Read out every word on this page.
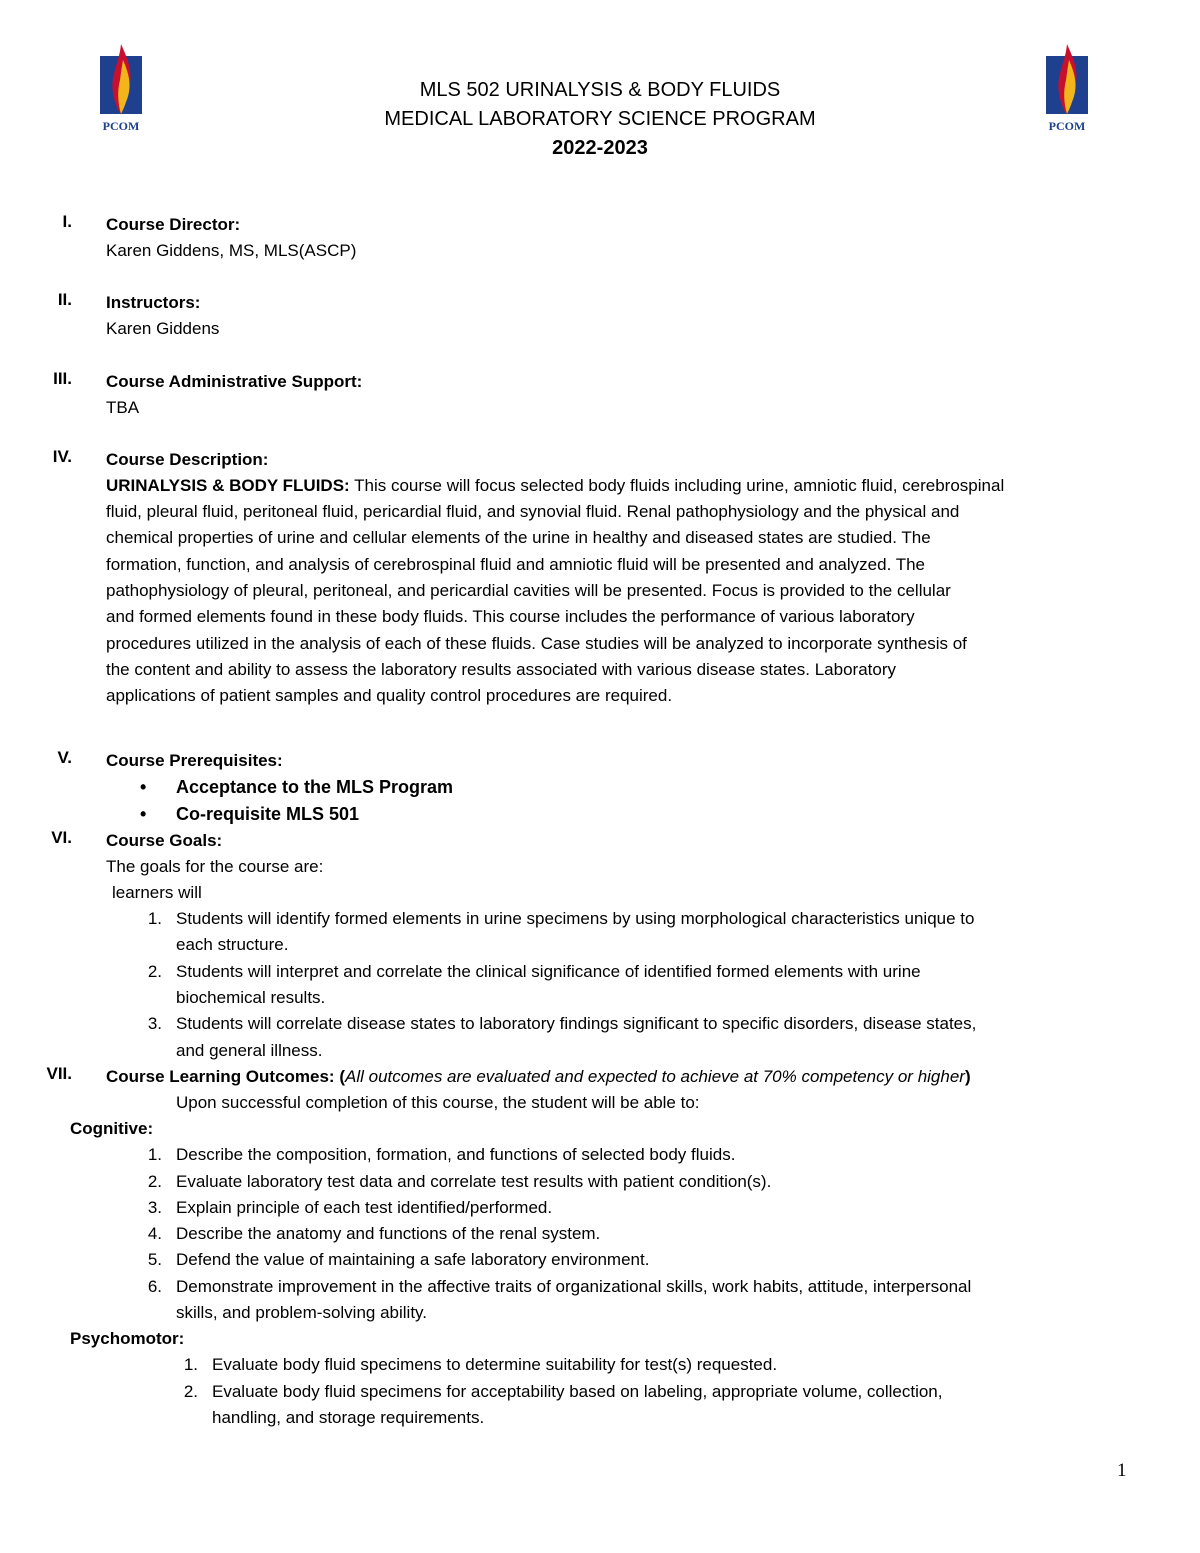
PCOM	PCOM
MLS 502 URINALYSIS & BODY FLUIDS
MEDICAL LABORATORY SCIENCE PROGRAM
2022-2023
I. Course Director:
Karen Giddens, MS, MLS(ASCP)
II. Instructors:
Karen Giddens
III. Course Administrative Support:
TBA
IV. Course Description:
URINALYSIS & BODY FLUIDS: This course will focus selected body fluids including urine, amniotic fluid, cerebrospinal
fluid, pleural fluid, peritoneal fluid, pericardial fluid, and synovial fluid. Renal pathophysiology and the physical and
chemical properties of urine and cellular elements of the urine in healthy and diseased states are studied. The
formation, function, and analysis of cerebrospinal fluid and amniotic fluid will be presented and analyzed. The
pathophysiology of pleural, peritoneal, and pericardial cavities will be presented. Focus is provided to the cellular
and formed elements found in these body fluids. This course includes the performance of various laboratory
procedures utilized in the analysis of each of these fluids. Case studies will be analyzed to incorporate synthesis of
the content and ability to assess the laboratory results associated with various disease states. Laboratory
applications of patient samples and quality control procedures are required.
V. Course Prerequisites:
• Acceptance to the MLS Program
• Co-requisite MLS 501
VI. Course Goals:
The goals for the course are:
learners will
1. Students will identify formed elements in urine specimens by using morphological characteristics unique to
each structure.
2. Students will interpret and correlate the clinical significance of identified formed elements with urine
biochemical results.
3. Students will correlate disease states to laboratory findings significant to specific disorders, disease states,
and general illness.
VII. Course Learning Outcomes: (All outcomes are evaluated and expected to achieve at 70% competency or higher)
Upon successful completion of this course, the student will be able to:
Cognitive:
1. Describe the composition, formation, and functions of selected body fluids.
2. Evaluate laboratory test data and correlate test results with patient condition(s).
3. Explain principle of each test identified/performed.
4. Describe the anatomy and functions of the renal system.
5. Defend the value of maintaining a safe laboratory environment.
6. Demonstrate improvement in the affective traits of organizational skills, work habits, attitude, interpersonal
skills, and problem-solving ability.
Psychomotor:
1. Evaluate body fluid specimens to determine suitability for test(s) requested.
2. Evaluate body fluid specimens for acceptability based on labeling, appropriate volume, collection,
handling, and storage requirements.
1
